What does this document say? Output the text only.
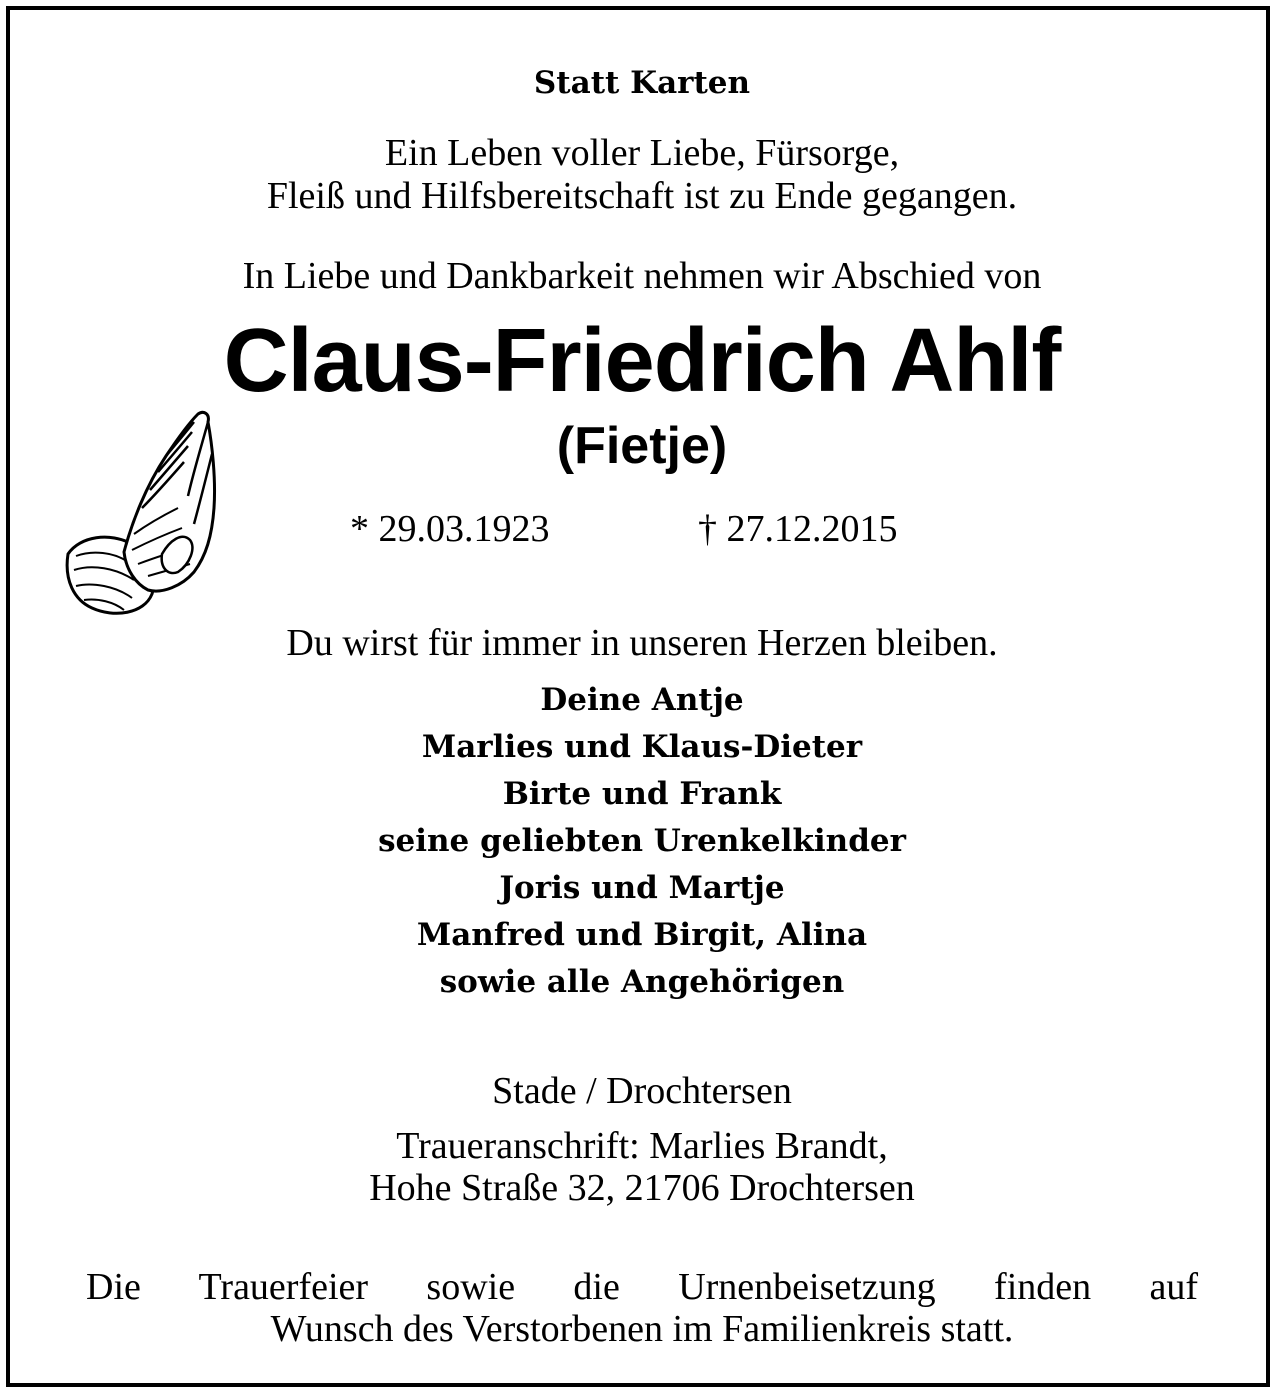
Statt Karten
Ein Leben voller Liebe, Fürsorge,
Fleiß und Hilfsbereitschaft ist zu Ende gegangen.
In Liebe und Dankbarkeit nehmen wir Abschied von
Claus-Friedrich Ahlf
(Fietje)
* 29.03.1923	† 27.12.2015
Du wirst für immer in unseren Herzen bleiben.
Deine Antje
Marlies und Klaus-Dieter
Birte und Frank
seine geliebten Urenkelkinder
Joris und Martje
Manfred und Birgit, Alina
sowie alle Angehörigen
Stade / Drochtersen
Traueranschrift: Marlies Brandt,
Hohe Straße 32, 21706 Drochtersen
Die Trauerfeier sowie die Urnenbeisetzung finden auf
Wunsch des Verstorbenen im Familienkreis statt.
